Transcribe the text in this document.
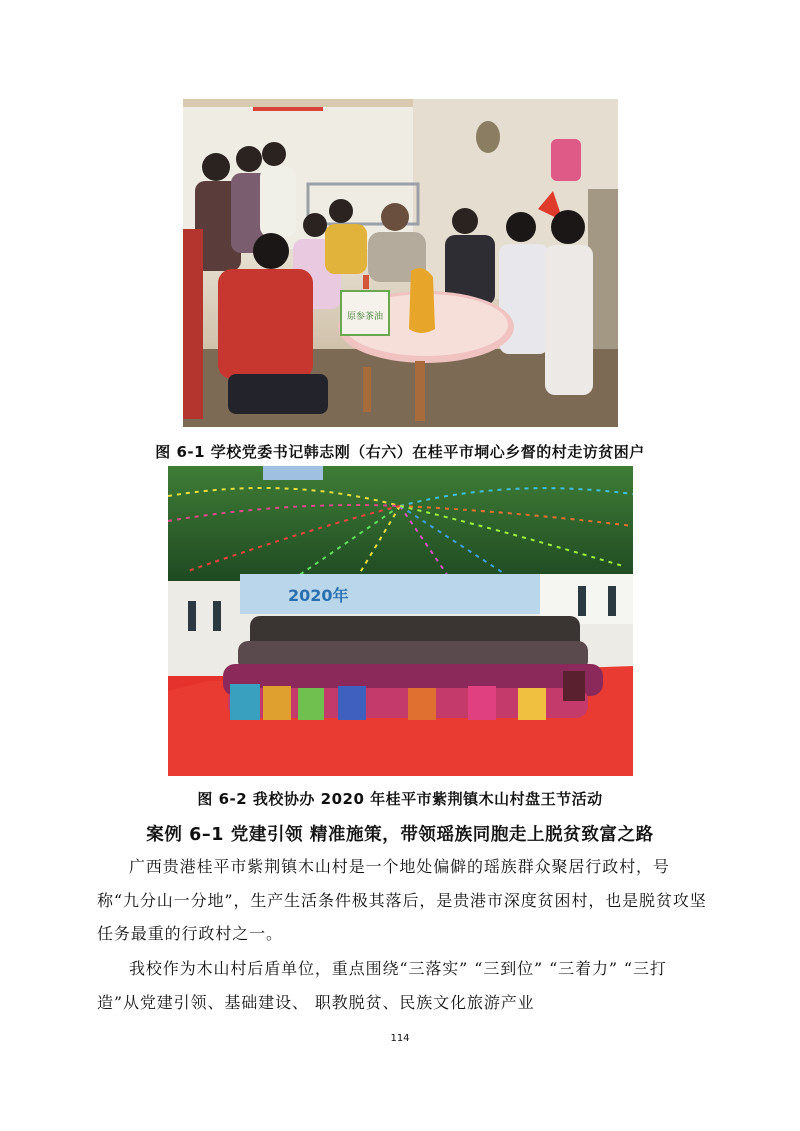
原参茶油
图 6-1 学校党委书记韩志刚（右六）在桂平市垌心乡督的村走访贫困户
2020年
图 6-2 我校协办 2020 年桂平市紫荆镇木山村盘王节活动
案例 6–1 党建引领 精准施策，带领瑶族同胞走上脱贫致富之路

广西贵港桂平市紫荆镇木山村是一个地处偏僻的瑶族群众聚居行政村，号称“九分山一分地”，生产生活条件极其落后，是贵港市深度贫困村，也是脱贫攻坚任务最重的行政村之一。

我校作为木山村后盾单位，重点围绕“三落实” “三到位” “三着力” “三打造”从党建引领、基础建设、 职教脱贫、民族文化旅游产业

114
